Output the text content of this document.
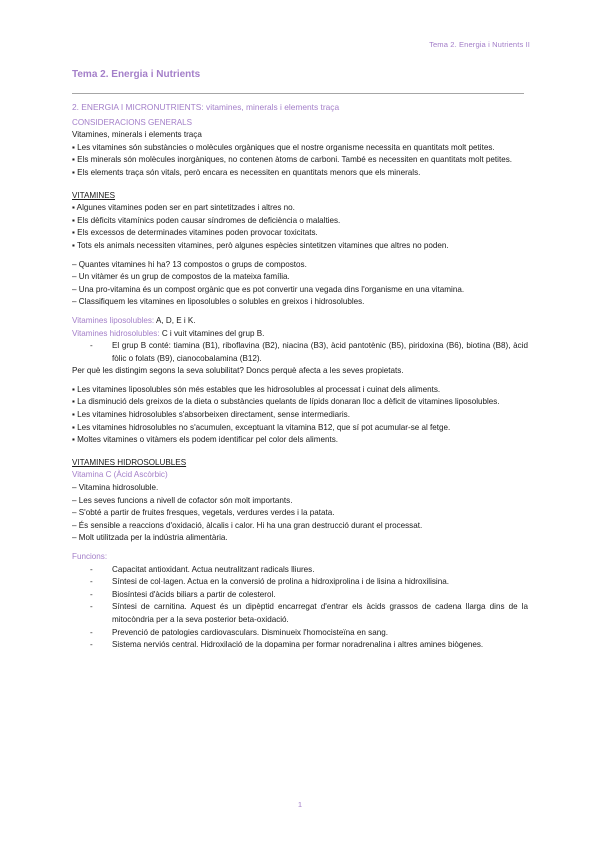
Tema 2. Energia i Nutrients II
Tema 2. Energia i Nutrients

2. ENERGIA I MICRONUTRIENTS: vitamines, minerals i elements traça

CONSIDERACIONS GENERALS

Vitamines, minerals i elements traça

▪ Les vitamines són substàncies o molècules orgàniques que el nostre organisme necessita en quantitats molt petites.

▪ Els minerals són molècules inorgàniques, no contenen àtoms de carboni. També es necessiten en quantitats molt petites.

▪ Els elements traça són vitals, però encara es necessiten en quantitats menors que els minerals.

VITAMINES

▪ Algunes vitamines poden ser en part sintetitzades i altres no.

▪ Els dèficits vitamínics poden causar síndromes de deficiència o malalties.

▪ Els excessos de determinades vitamines poden provocar toxicitats.

▪ Tots els animals necessiten vitamines, però algunes espècies sintetitzen vitamines que altres no poden.

– Quantes vitamines hi ha? 13 compostos o grups de compostos.

– Un vitàmer és un grup de compostos de la mateixa família.

– Una pro-vitamina és un compost orgànic que es pot convertir una vegada dins l'organisme en una vitamina.

– Classifiquem les vitamines en liposolubles o solubles en greixos i hidrosolubles.

Vitamines liposolubles: A, D, E i K.

Vitamines hidrosolubles: C i vuit vitamines del grup B.

- El grup B conté: tiamina (B1), riboflavina (B2), niacina (B3), àcid pantotènic (B5), piridoxina (B6), biotina (B8), àcid fòlic o folats (B9), cianocobalamina (B12).

Per què les distingim segons la seva solubilitat? Doncs perquè afecta a les seves propietats.

▪ Les vitamines liposolubles són més estables que les hidrosolubles al processat i cuinat dels aliments.

▪ La disminució dels greixos de la dieta o substàncies quelants de lípids donaran lloc a dèficit de vitamines liposolubles.

▪ Les vitamines hidrosolubles s'absorbeixen directament, sense intermediaris.

▪ Les vitamines hidrosolubles no s'acumulen, exceptuant la vitamina B12, que sí pot acumular-se al fetge.

▪ Moltes vitamines o vitàmers els podem identificar pel color dels aliments.

VITAMINES HIDROSOLUBLES

Vitamina C (Àcid Ascòrbic)

– Vitamina hidrosoluble.

– Les seves funcions a nivell de cofactor són molt importants.

– S'obté a partir de fruites fresques, vegetals, verdures verdes i la patata.

– És sensible a reaccions d'oxidació, àlcalis i calor. Hi ha una gran destrucció durant el processat.

– Molt utilitzada per la indústria alimentària.

Funcions:

- Capacitat antioxidant. Actua neutralitzant radicals lliures.
- Síntesi de col·lagen. Actua en la conversió de prolina a hidroxiprolina i de lisina a hidroxilisina.
- Biosíntesi d'àcids biliars a partir de colesterol.
- Síntesi de carnitina. Aquest és un dipèptid encarregat d'entrar els àcids grassos de cadena llarga dins de la mitocòndria per a la seva posterior beta-oxidació.
- Prevenció de patologies cardiovasculars. Disminueix l'homocisteïna en sang.
- Sistema nerviós central. Hidroxilació de la dopamina per formar noradrenalina i altres amines biògenes.
1
